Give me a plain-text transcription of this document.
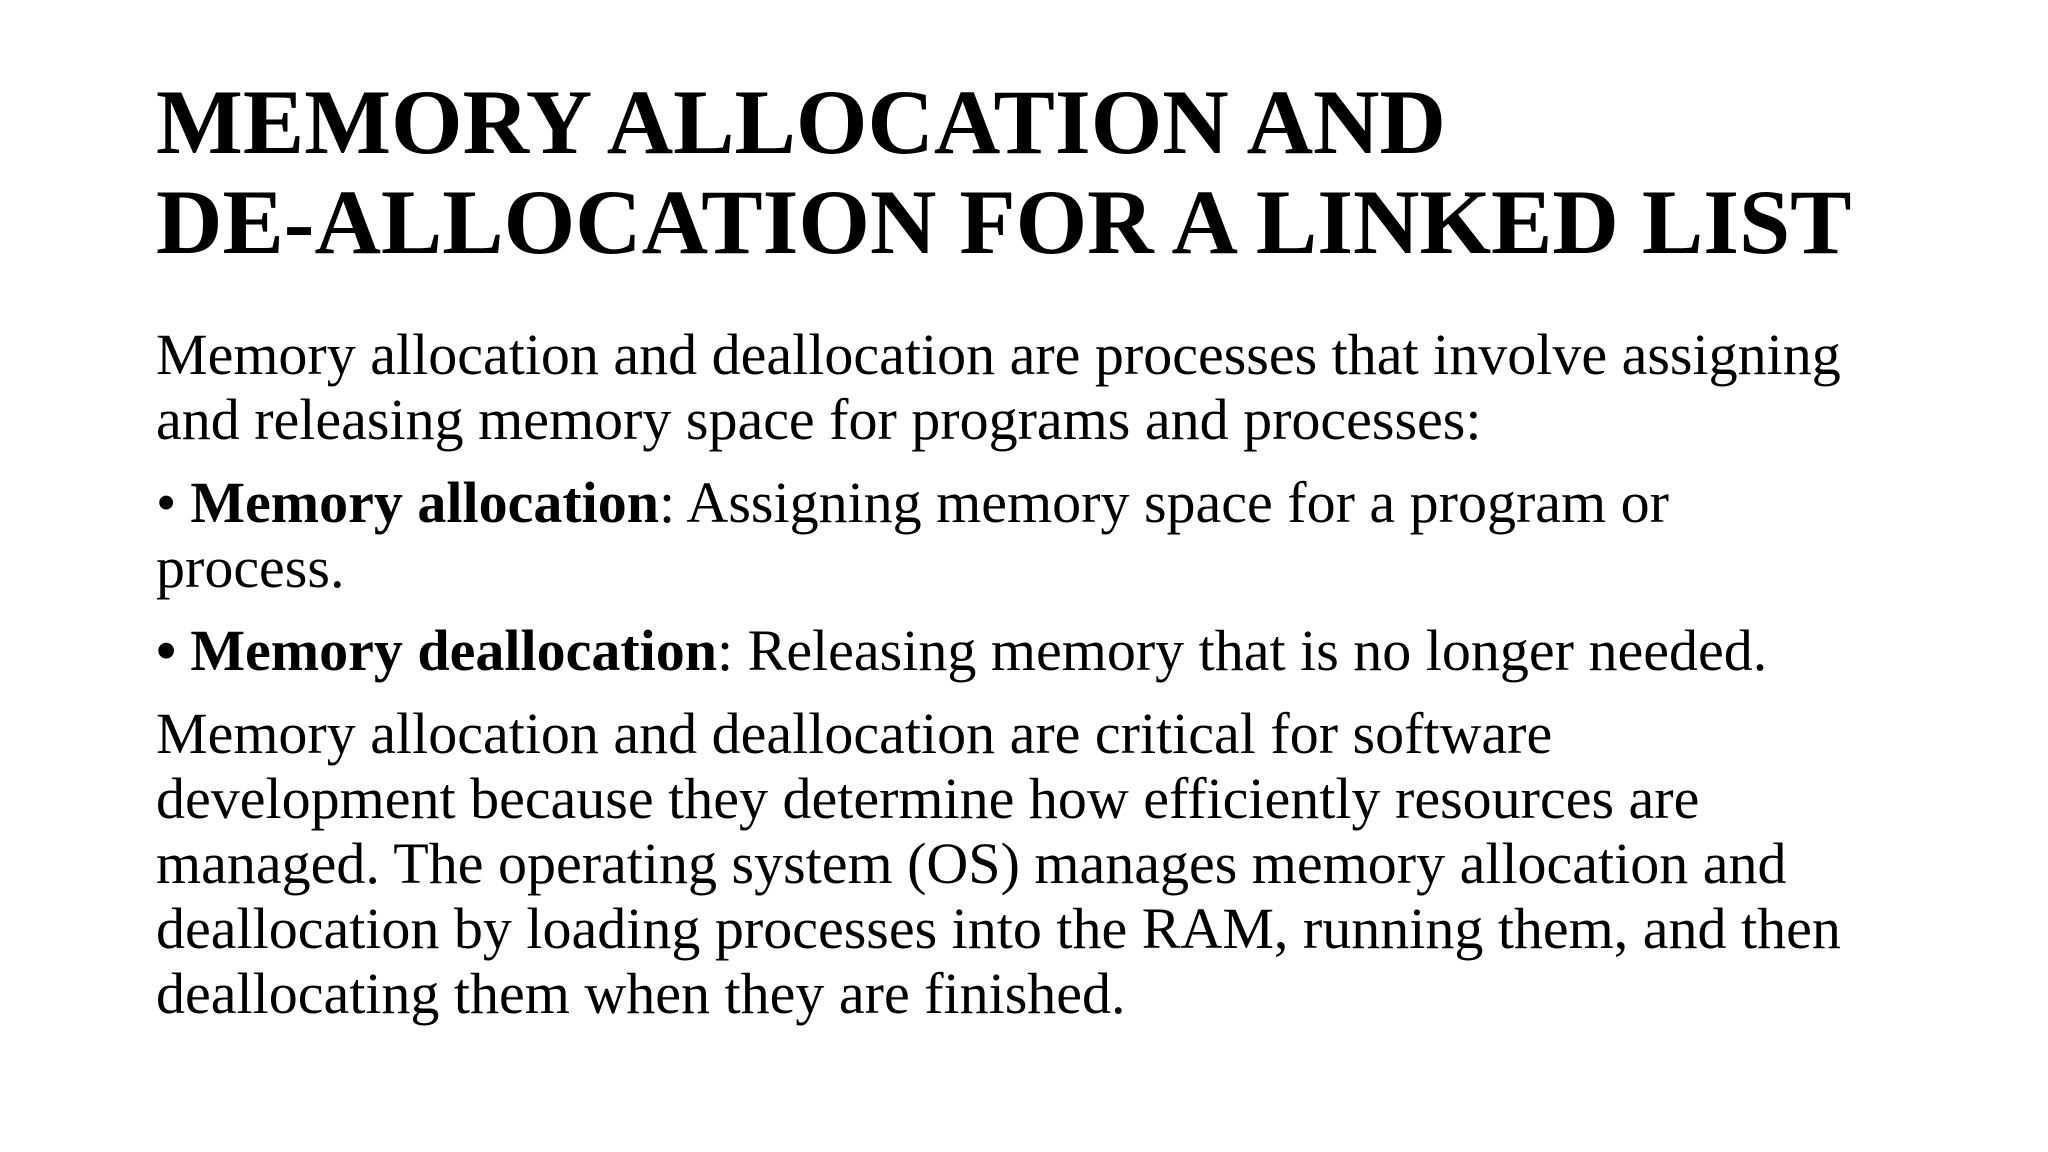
MEMORY ALLOCATION AND
DE-ALLOCATION FOR A LINKED LIST

Memory allocation and deallocation are processes that involve assigning
and releasing memory space for programs and processes:

• Memory allocation: Assigning memory space for a program or
process.

• Memory deallocation: Releasing memory that is no longer needed.

Memory allocation and deallocation are critical for software
development because they determine how efficiently resources are
managed. The operating system (OS) manages memory allocation and
deallocation by loading processes into the RAM, running them, and then
deallocating them when they are finished.
